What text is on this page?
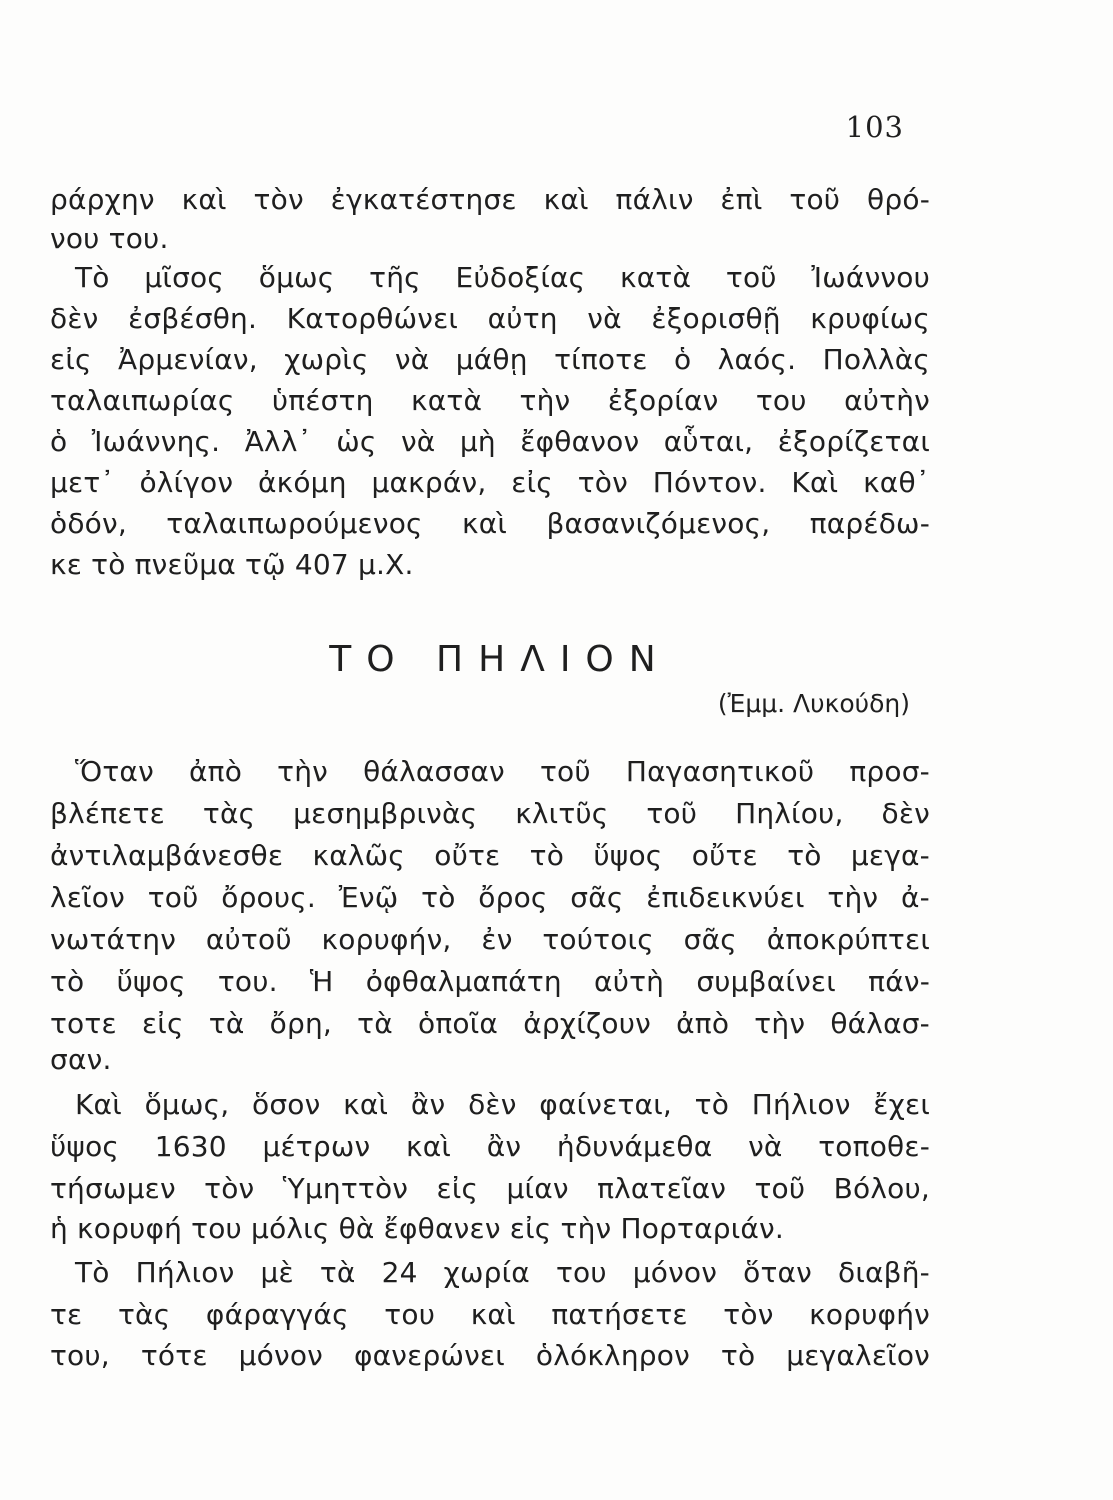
103
ράρχην καὶ τὸν ἐγκατέστησε καὶ πάλιν ἐπὶ τοῦ θρό-
νου του.
Τὸ μῖσος ὅμως τῆς Εὐδοξίας κατὰ τοῦ Ἰωάννου
δὲν ἐσβέσθη. Κατορθώνει αὐτη νὰ ἐξορισθῇ κρυφίως
εἰς Ἀρμενίαν, χωρὶς νὰ μάθῃ τίποτε ὁ λαός. Πολλὰς
ταλαιπωρίας ὑπέστη κατὰ τὴν ἐξορίαν του αὐτὴν
ὁ Ἰωάννης. Ἀλλ᾽ ὡς νὰ μὴ ἔφθανον αὗται, ἐξορίζεται
μετ᾽ ὀλίγον ἀκόμη μακράν, εἰς τὸν Πόντον. Καὶ καθ᾽
ὁδόν, ταλαιπωρούμενος καὶ βασανιζόμενος, παρέδω-
κε τὸ πνεῦμα τῷ 407 μ.Χ.
ΤΟ ΠΗΛΙΟΝ
(Ἐμμ. Λυκούδη)
Ὅταν ἀπὸ τὴν θάλασσαν τοῦ Παγασητικοῦ προσ-
βλέπετε τὰς μεσημβρινὰς κλιτῦς τοῦ Πηλίου, δὲν
ἀντιλαμβάνεσθε καλῶς οὔτε τὸ ὕψος οὔτε τὸ μεγα-
λεῖον τοῦ ὄρους. Ἐνῷ τὸ ὄρος σᾶς ἐπιδεικνύει τὴν ἀ-
νωτάτην αὐτοῦ κορυφήν, ἐν τούτοις σᾶς ἀποκρύπτει
τὸ ὕψος του. Ἡ ὀφθαλμαπάτη αὐτὴ συμβαίνει πάν-
τοτε εἰς τὰ ὄρη, τὰ ὁποῖα ἀρχίζουν ἀπὸ τὴν θάλασ-
σαν.
Καὶ ὅμως, ὅσον καὶ ἂν δὲν φαίνεται, τὸ Πήλιον ἔχει
ὕψος 1630 μέτρων καὶ ἂν ἠδυνάμεθα νὰ τοποθε-
τήσωμεν τὸν Ὑμηττὸν εἰς μίαν πλατεῖαν τοῦ Βόλου,
ἡ κορυφή του μόλις θὰ ἔφθανεν εἰς τὴν Πορταριάν.
Τὸ Πήλιον μὲ τὰ 24 χωρία του μόνον ὅταν διαβῆ-
τε τὰς φάραγγάς του καὶ πατήσετε τὸν κορυφήν
του, τότε μόνον φανερώνει ὁλόκληρον τὸ μεγαλεῖον
